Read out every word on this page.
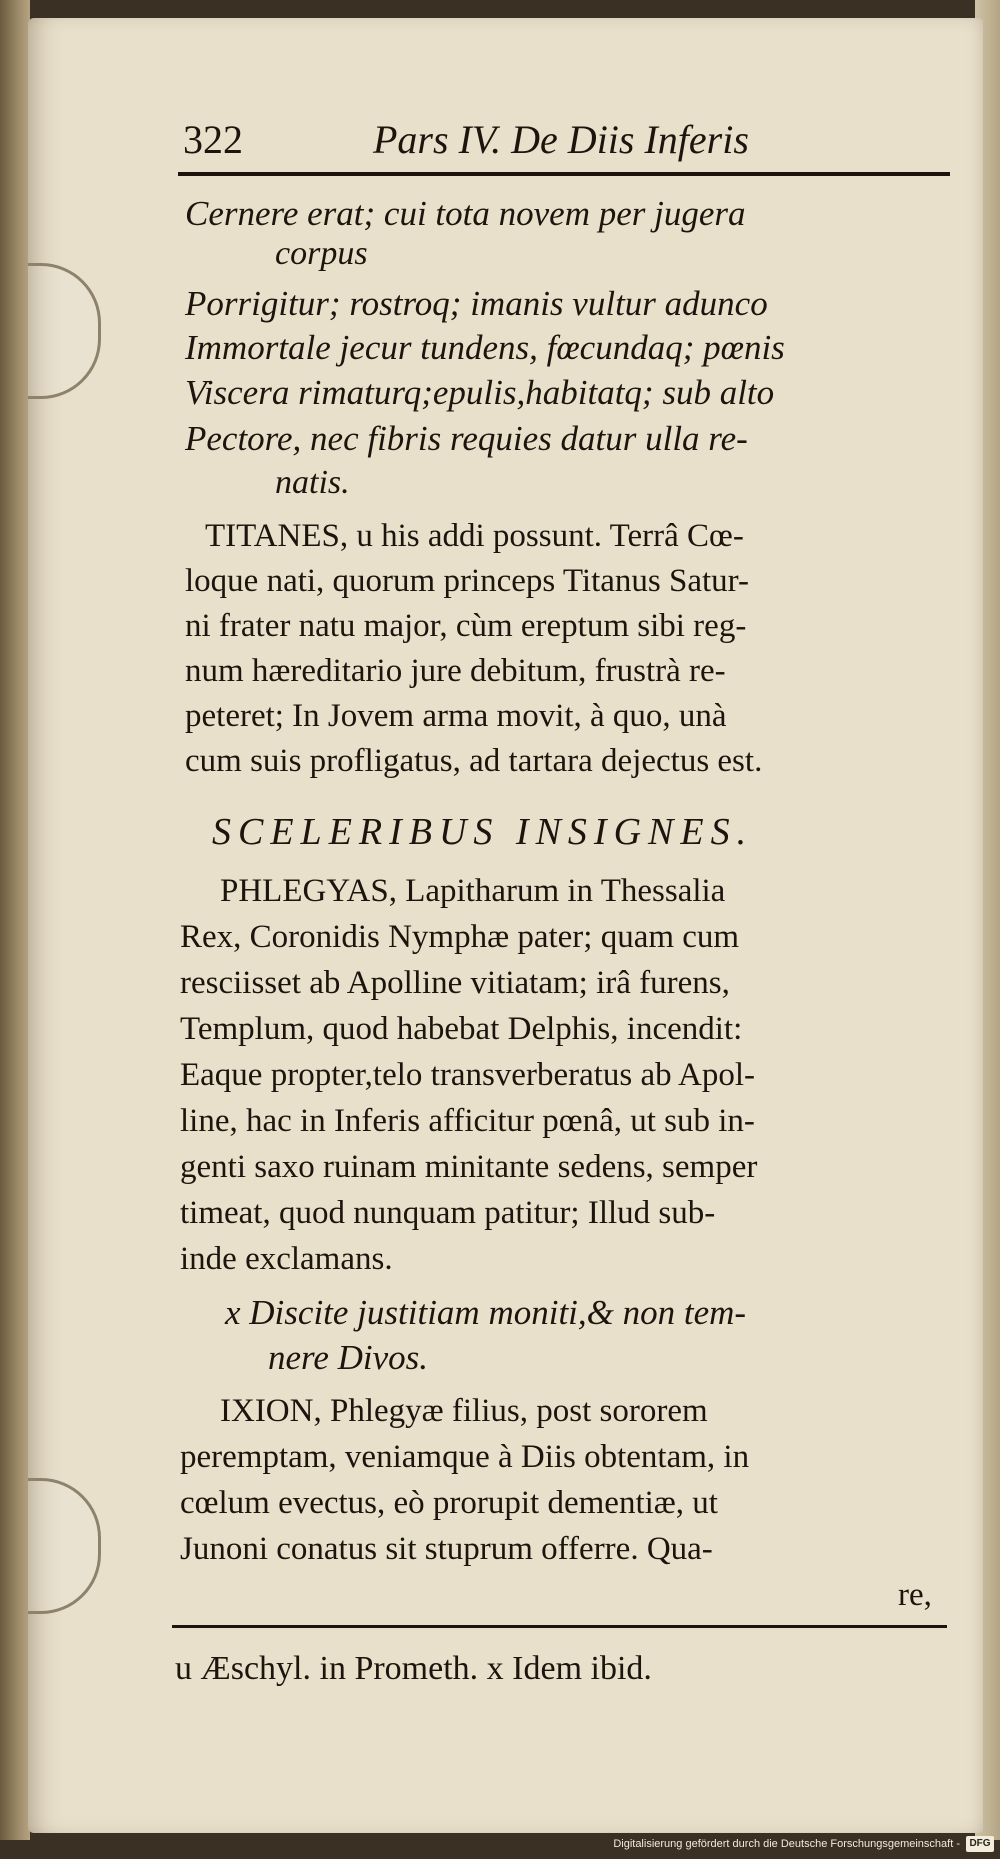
322	Pars IV. De Diis Inferis
Cernere erat; cui tota novem per jugera
corpus
Porrigitur; rostroq; imanis vultur adunco
Immortale jecur tundens, fœcundaq; pœnis
Viscera rimaturq;epulis,habitatq; sub alto
Pectore, nec fibris requies datur ulla re-
natis.
TITANES, u his addi possunt. Terrâ Cœ-
loque nati, quorum princeps Titanus Satur-
ni frater natu major, cùm ereptum sibi reg-
num hæreditario jure debitum, frustrà re-
peteret; In Jovem arma movit, à quo, unà
cum suis profligatus, ad tartara dejectus est.
SCELERIBUS INSIGNES.
PHLEGYAS, Lapitharum in Thessalia
Rex, Coronidis Nymphæ pater; quam cum
resciisset ab Apolline vitiatam; irâ furens,
Templum, quod habebat Delphis, incendit:
Eaque propter,telo transverberatus ab Apol-
line, hac in Inferis afficitur pœnâ, ut sub in-
genti saxo ruinam minitante sedens, semper
timeat, quod nunquam patitur; Illud sub-
inde exclamans.
x Discite justitiam moniti,& non tem-
nere Divos.
IXION, Phlegyæ filius, post sororem
peremptam, veniamque à Diis obtentam, in
cœlum evectus, eò prorupit dementiæ, ut
Junoni conatus sit stuprum offerre. Qua-
re,
u Æschyl. in Prometh. x Idem ibid.
Digitalisierung gefördert durch die Deutsche Forschungsgemeinschaft - DFG
